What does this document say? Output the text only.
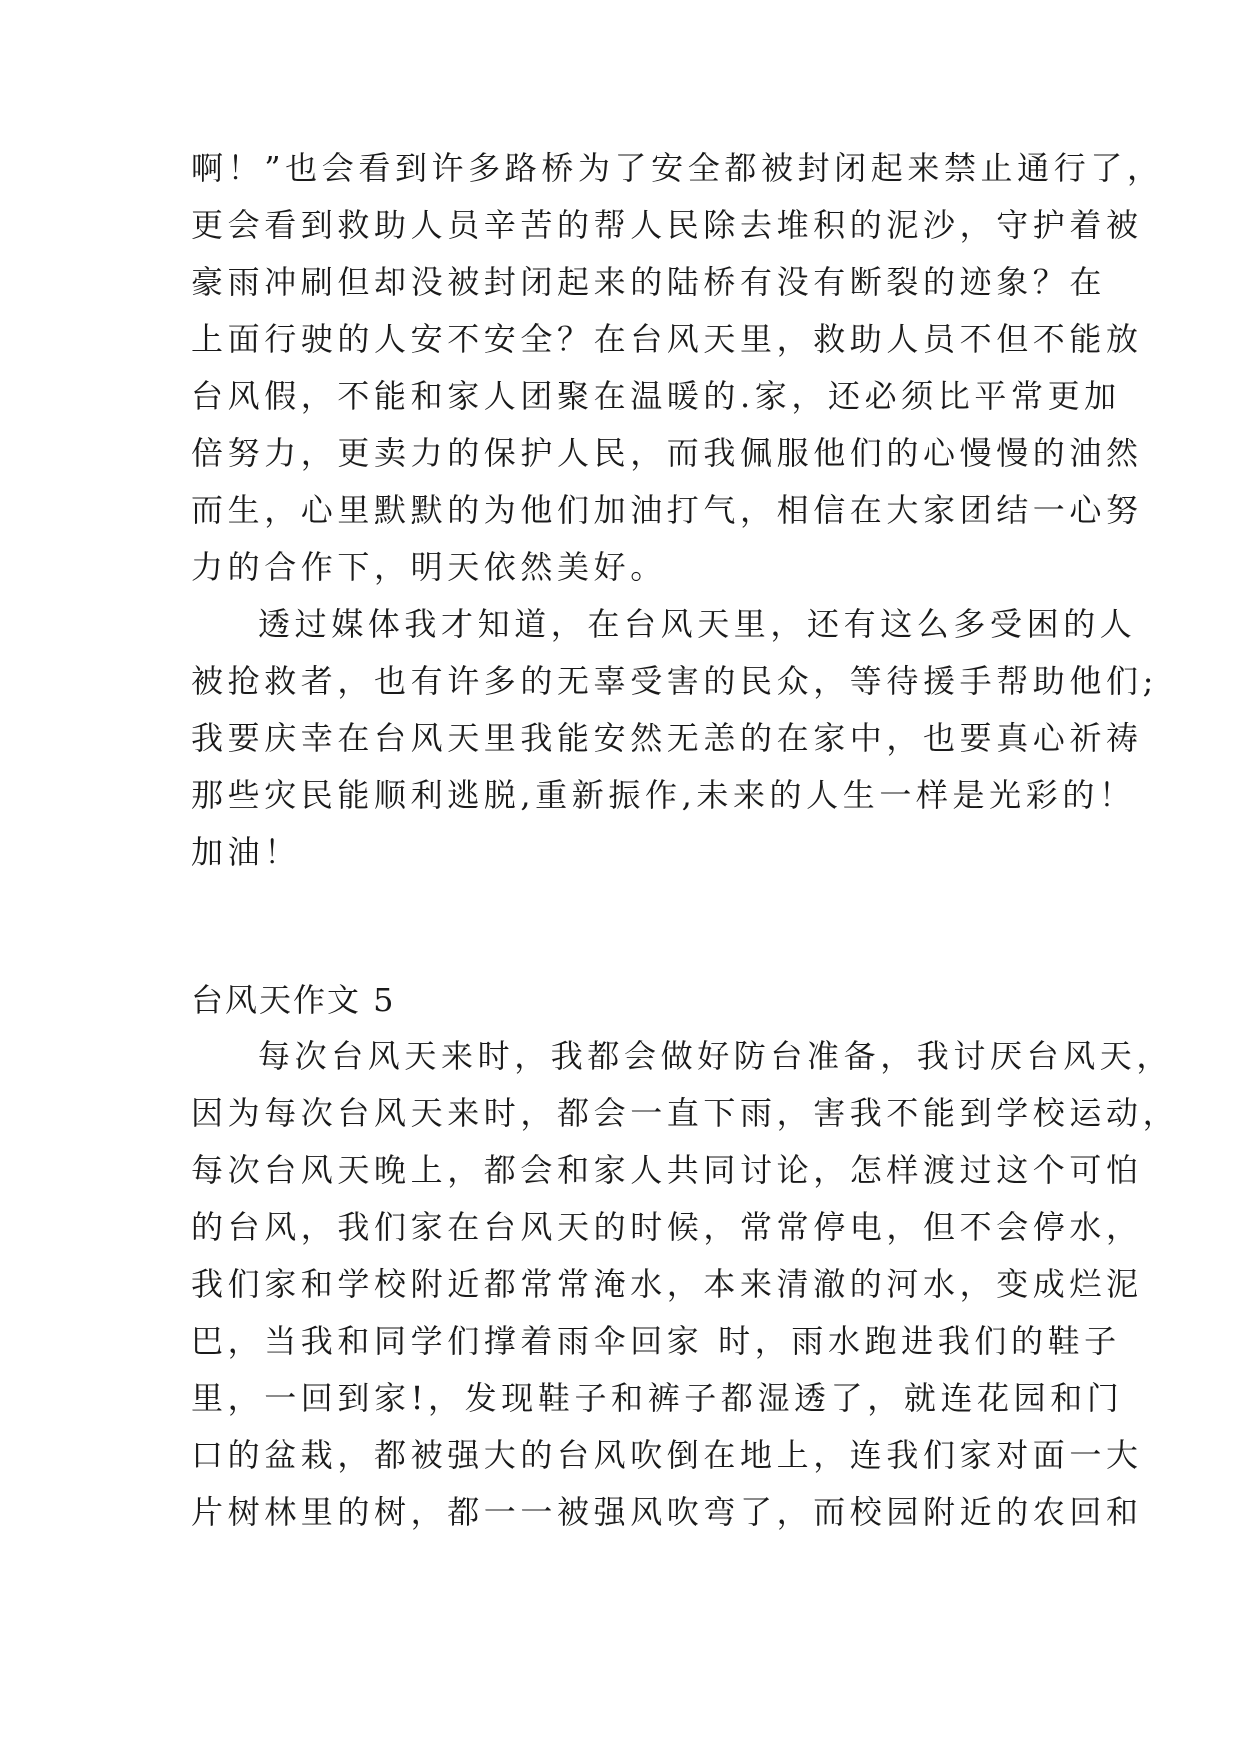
啊！”也会看到许多路桥为了安全都被封闭起来禁止通行了，
更会看到救助人员辛苦的帮人民除去堆积的泥沙，守护着被
豪雨冲刷但却没被封闭起来的陆桥有没有断裂的迹象？在
上面行驶的人安不安全？在台风天里，救助人员不但不能放
台风假，不能和家人团聚在温暖的.家，还必须比平常更加
倍努力，更卖力的保护人民，而我佩服他们的心慢慢的油然
而生，心里默默的为他们加油打气，相信在大家团结一心努
力的合作下，明天依然美好。
透过媒体我才知道，在台风天里，还有这么多受困的人
被抢救者，也有许多的无辜受害的民众，等待援手帮助他们;
我要庆幸在台风天里我能安然无恙的在家中，也要真心祈祷
那些灾民能顺利逃脱,重新振作,未来的人生一样是光彩的！
加油！
台风天作文 5
每次台风天来时，我都会做好防台准备，我讨厌台风天，
因为每次台风天来时，都会一直下雨，害我不能到学校运动，
每次台风天晚上，都会和家人共同讨论，怎样渡过这个可怕
的台风，我们家在台风天的时候，常常停电，但不会停水，
我们家和学校附近都常常淹水，本来清澈的河水，变成烂泥
巴，当我和同学们撑着雨伞回家 时，雨水跑进我们的鞋子
里，一回到家!，发现鞋子和裤子都湿透了，就连花园和门
口的盆栽，都被强大的台风吹倒在地上，连我们家对面一大
片树林里的树，都一一被强风吹弯了，而校园附近的农回和
